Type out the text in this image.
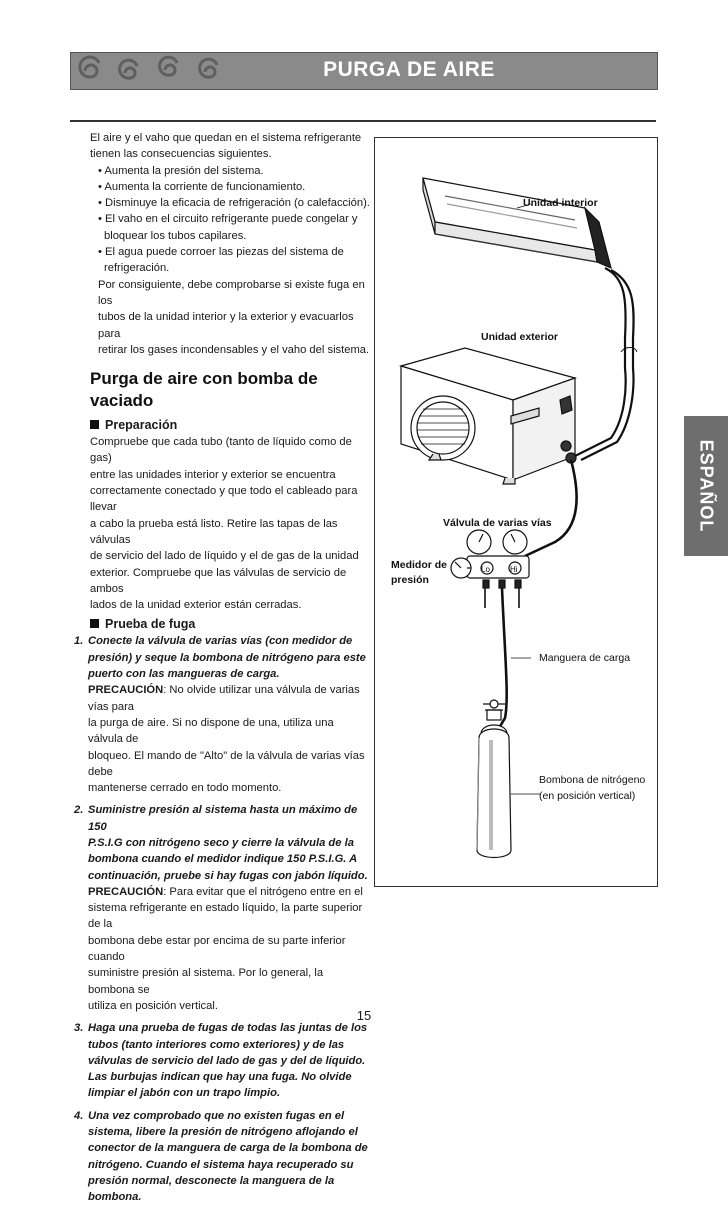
PURGA DE AIRE
ESPAÑOL

El aire y el vaho que quedan en el sistema refrigerante

tienen las consecuencias siguientes.

• Aumenta la presión del sistema.

• Aumenta la corriente de funcionamiento.

• Disminuye la eficacia de refrigeración (o calefacción).

• El vaho en el circuito refrigerante puede congelar y

bloquear los tubos capilares.

• El agua puede corroer las piezas del sistema de

refrigeración.

Por consiguiente, debe comprobarse si existe fuga en los

tubos de la unidad interior y la exterior y evacuarlos para

retirar los gases incondensables y el vaho del sistema.

Purga de aire con bomba de vaciado

Preparación

Compruebe que cada tubo (tanto de líquido como de gas)

entre las unidades interior y exterior se encuentra

correctamente conectado y que todo el cableado para llevar

a cabo la prueba está listo. Retire las tapas de las válvulas

de servicio del lado de líquido y el de gas de la unidad

exterior. Compruebe que las válvulas de servicio de ambos

lados de la unidad exterior están cerradas.

Prueba de fuga

1. Conecte la válvula de varias vías (con medidor de

presión) y seque la bombona de nitrógeno para este

puerto con las mangueras de carga.

PRECAUCIÓN: No olvide utilizar una válvula de varias vías para

la purga de aire. Si no dispone de una, utiliza una válvula de

bloqueo. El mando de "Alto" de la válvula de varias vías debe

mantenerse cerrado en todo momento.

2. Suministre presión al sistema hasta un máximo de 150

P.S.I.G con nitrógeno seco y cierre la válvula de la

bombona cuando el medidor indique 150 P.S.I.G. A

continuación, pruebe si hay fugas con jabón líquido.

PRECAUCIÓN: Para evitar que el nitrógeno entre en el

sistema refrigerante en estado líquido, la parte superior de la

bombona debe estar por encima de su parte inferior cuando

suministre presión al sistema. Por lo general, la bombona se

utiliza en posición vertical.

3. Haga una prueba de fugas de todas las juntas de los

tubos (tanto interiores como exteriores) y de las

válvulas de servicio del lado de gas y del de líquido.

Las burbujas indican que hay una fuga. No olvide

limpiar el jabón con un trapo limpio.

4. Una vez comprobado que no existen fugas en el

sistema, libere la presión de nitrógeno aflojando el

conector de la manguera de carga de la bombona de

nitrógeno. Cuando el sistema haya recuperado su

presión normal, desconecte la manguera de la

bombona.

Unidad interior
Unidad exterior
Válvula de varias vías
Medidor de
presión
Lo	Hi
Manguera de carga
Bombona de nitrógeno
(en posición vertical)
15
